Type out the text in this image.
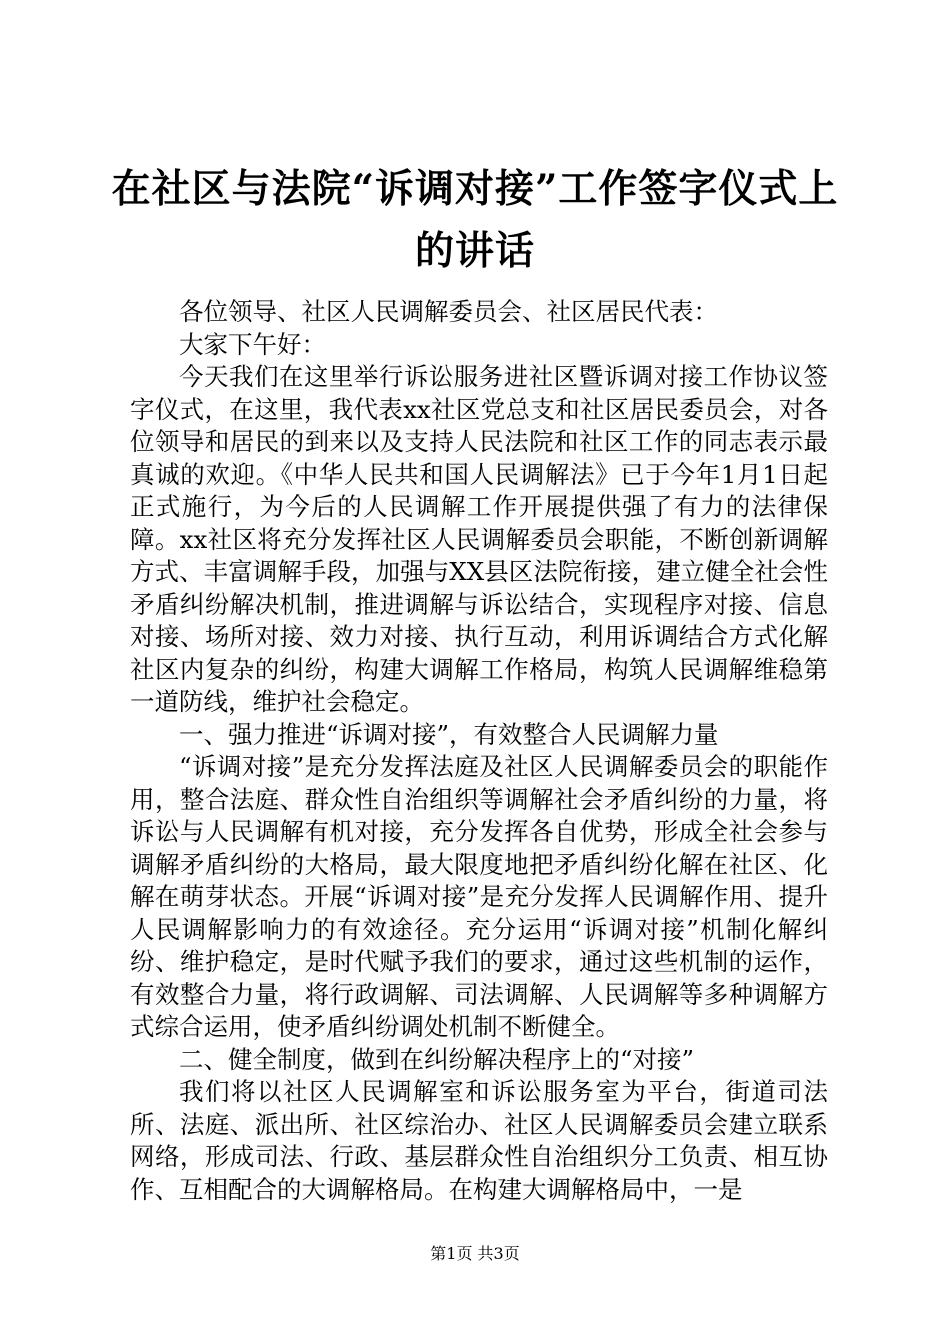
在社区与法院“诉调对接”工作签字仪式上的讲话

各位领导、社区人民调解委员会、社区居民代表：

大家下午好：

今天我们在这里举行诉讼服务进社区暨诉调对接工作协议签字仪式，在这里，我代表xx社区党总支和社区居民委员会，对各位领导和居民的到来以及支持人民法院和社区工作的同志表示最真诚的欢迎。《中华人民共和国人民调解法》已于今年1月1日起正式施行，为今后的人民调解工作开展提供强了有力的法律保障。xx社区将充分发挥社区人民调解委员会职能，不断创新调解方式、丰富调解手段，加强与XX县区法院衔接，建立健全社会性矛盾纠纷解决机制，推进调解与诉讼结合，实现程序对接、信息对接、场所对接、效力对接、执行互动，利用诉调结合方式化解社区内复杂的纠纷，构建大调解工作格局，构筑人民调解维稳第一道防线，维护社会稳定。

一、强力推进“诉调对接”，有效整合人民调解力量

“诉调对接”是充分发挥法庭及社区人民调解委员会的职能作用，整合法庭、群众性自治组织等调解社会矛盾纠纷的力量，将诉讼与人民调解有机对接，充分发挥各自优势，形成全社会参与调解矛盾纠纷的大格局，最大限度地把矛盾纠纷化解在社区、化解在萌芽状态。开展“诉调对接”是充分发挥人民调解作用、提升人民调解影响力的有效途径。充分运用“诉调对接”机制化解纠纷、维护稳定，是时代赋予我们的要求，通过这些机制的运作，有效整合力量，将行政调解、司法调解、人民调解等多种调解方式综合运用，使矛盾纠纷调处机制不断健全。

二、健全制度，做到在纠纷解决程序上的“对接”

我们将以社区人民调解室和诉讼服务室为平台，街道司法所、法庭、派出所、社区综治办、社区人民调解委员会建立联系网络，形成司法、行政、基层群众性自治组织分工负责、相互协作、互相配合的大调解格局。在构建大调解格局中，一是

第1页 共3页
